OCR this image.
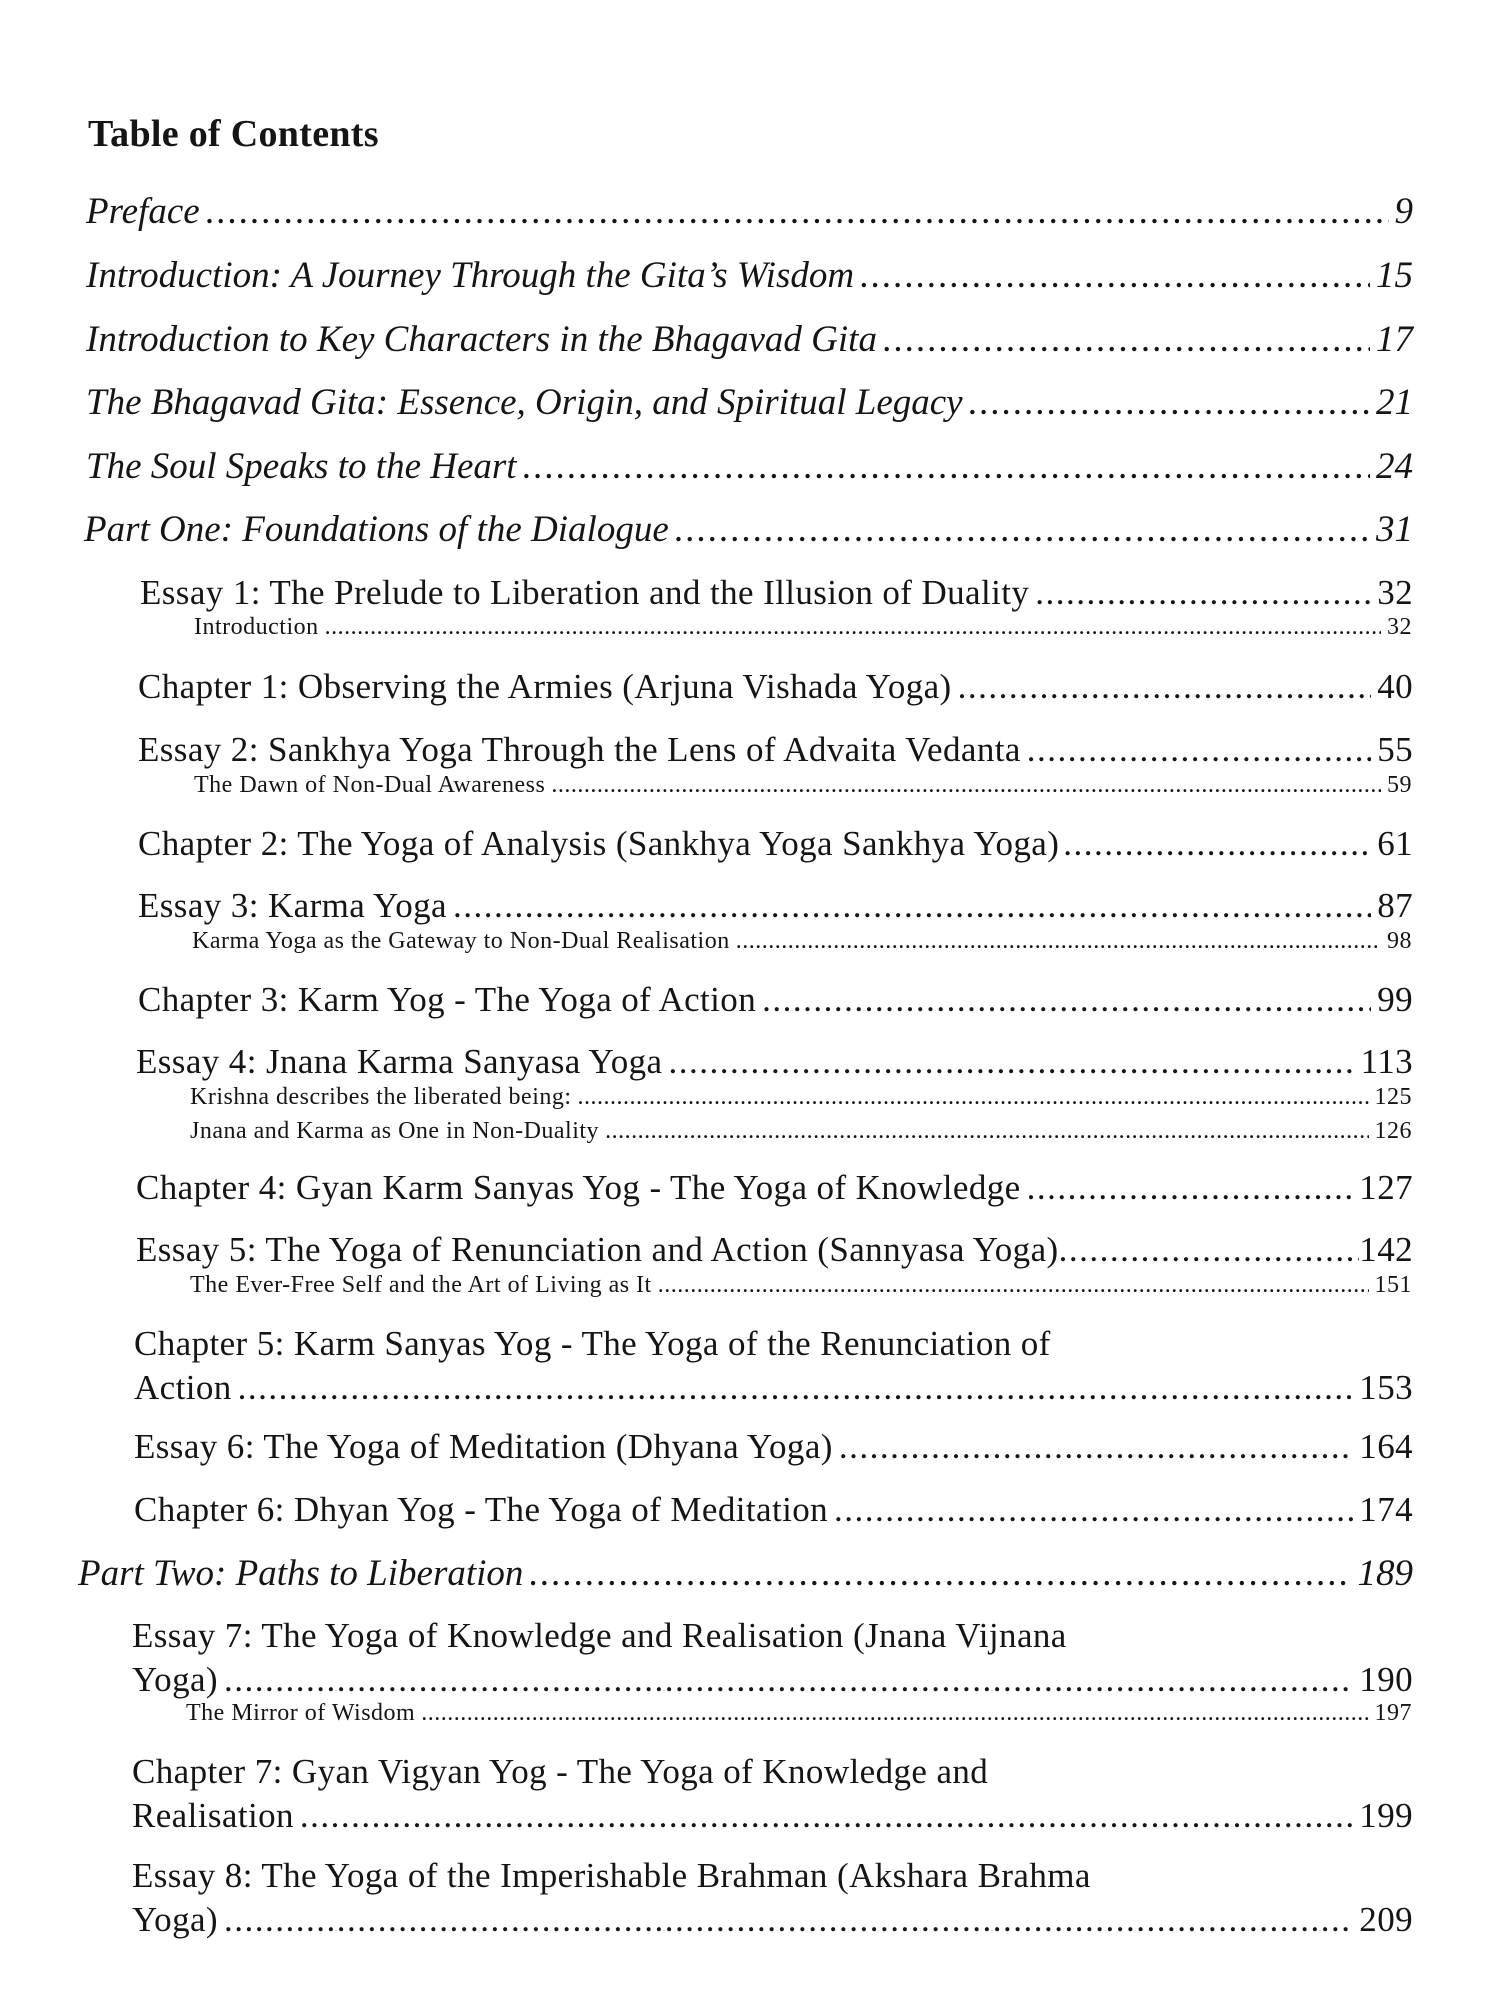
Table of Contents
Preface .....	9
Introduction: A Journey Through the Gita’s Wisdom .....	15
Introduction to Key Characters in the Bhagavad Gita .....	17
The Bhagavad Gita: Essence, Origin, and Spiritual Legacy .....	21
The Soul Speaks to the Heart .....	24
Part One: Foundations of the Dialogue .....	31
Essay 1: The Prelude to Liberation and the Illusion of Duality .....	32
Introduction .....	32
Chapter 1: Observing the Armies (Arjuna Vishada Yoga) .....	40
Essay 2: Sankhya Yoga Through the Lens of Advaita Vedanta .....	55
The Dawn of Non-Dual Awareness .....	59
Chapter 2: The Yoga of Analysis (Sankhya Yoga Sankhya Yoga) .....	61
Essay 3: Karma Yoga .....	87
Karma Yoga as the Gateway to Non-Dual Realisation .....	98
Chapter 3: Karm Yog - The Yoga of Action .....	99
Essay 4: Jnana Karma Sanyasa Yoga .....	113
Krishna describes the liberated being: .....	125
Jnana and Karma as One in Non-Duality .....	126
Chapter 4: Gyan Karm Sanyas Yog - The Yoga of Knowledge .....	127
Essay 5: The Yoga of Renunciation and Action (Sannyasa Yoga) .....	142
The Ever-Free Self and the Art of Living as It .....	151
Chapter 5: Karm Sanyas Yog - The Yoga of the Renunciation of
Action .....	153
Essay 6: The Yoga of Meditation (Dhyana Yoga) .....	164
Chapter 6: Dhyan Yog - The Yoga of Meditation .....	174
Part Two: Paths to Liberation .....	189
Essay 7: The Yoga of Knowledge and Realisation (Jnana Vijnana
Yoga) .....	190
The Mirror of Wisdom .....	197
Chapter 7: Gyan Vigyan Yog - The Yoga of Knowledge and
Realisation .....	199
Essay 8: The Yoga of the Imperishable Brahman (Akshara Brahma
Yoga) .....	209
